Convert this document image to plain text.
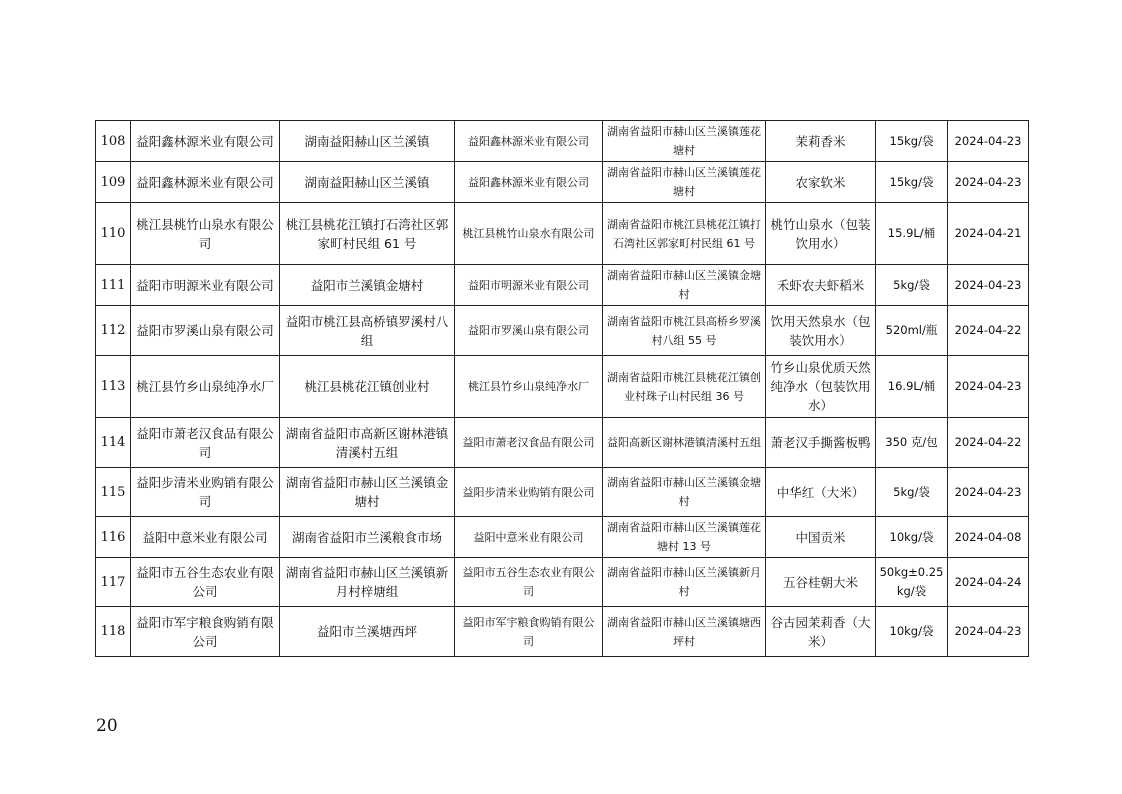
108	益阳鑫林源米业有限公司	湖南益阳赫山区兰溪镇	益阳鑫林源米业有限公司	湖南省益阳市赫山区兰溪镇莲花塘村	茉莉香米	15kg/袋	2024-04-23
109	益阳鑫林源米业有限公司	湖南益阳赫山区兰溪镇	益阳鑫林源米业有限公司	湖南省益阳市赫山区兰溪镇莲花塘村	农家软米	15kg/袋	2024-04-23
110	桃江县桃竹山泉水有限公司	桃江县桃花江镇打石湾社区郭家町村民组 61 号	桃江县桃竹山泉水有限公司	湖南省益阳市桃江县桃花江镇打石湾社区郭家町村民组 61 号	桃竹山泉水（包装饮用水）	15.9L/桶	2024-04-21
111	益阳市明源米业有限公司	益阳市兰溪镇金塘村	益阳市明源米业有限公司	湖南省益阳市赫山区兰溪镇金塘村	禾虾农夫虾稻米	5kg/袋	2024-04-23
112	益阳市罗溪山泉有限公司	益阳市桃江县高桥镇罗溪村八组	益阳市罗溪山泉有限公司	湖南省益阳市桃江县高桥乡罗溪村八组 55 号	饮用天然泉水（包装饮用水）	520ml/瓶	2024-04-22
113	桃江县竹乡山泉纯净水厂	桃江县桃花江镇创业村	桃江县竹乡山泉纯净水厂	湖南省益阳市桃江县桃花江镇创业村珠子山村民组 36 号	竹乡山泉优质天然纯净水（包装饮用水）	16.9L/桶	2024-04-23
114	益阳市萧老汉食品有限公司	湖南省益阳市高新区谢林港镇清溪村五组	益阳市萧老汉食品有限公司	益阳高新区谢林港镇清溪村五组	萧老汉手撕酱板鸭	350 克/包	2024-04-22
115	益阳步清米业购销有限公司	湖南省益阳市赫山区兰溪镇金塘村	益阳步清米业购销有限公司	湖南省益阳市赫山区兰溪镇金塘村	中华红（大米）	5kg/袋	2024-04-23
116	益阳中意米业有限公司	湖南省益阳市兰溪粮食市场	益阳中意米业有限公司	湖南省益阳市赫山区兰溪镇莲花塘村 13 号	中国贡米	10kg/袋	2024-04-08
117	益阳市五谷生态农业有限公司	湖南省益阳市赫山区兰溪镇新月村梓塘组	益阳市五谷生态农业有限公司	湖南省益阳市赫山区兰溪镇新月村	五谷桂朝大米	50kg±0.25 kg/袋	2024-04-24
118	益阳市军宇粮食购销有限公司	益阳市兰溪塘西坪	益阳市军宇粮食购销有限公司	湖南省益阳市赫山区兰溪镇塘西坪村	谷古园茉莉香（大米）	10kg/袋	2024-04-23
20
